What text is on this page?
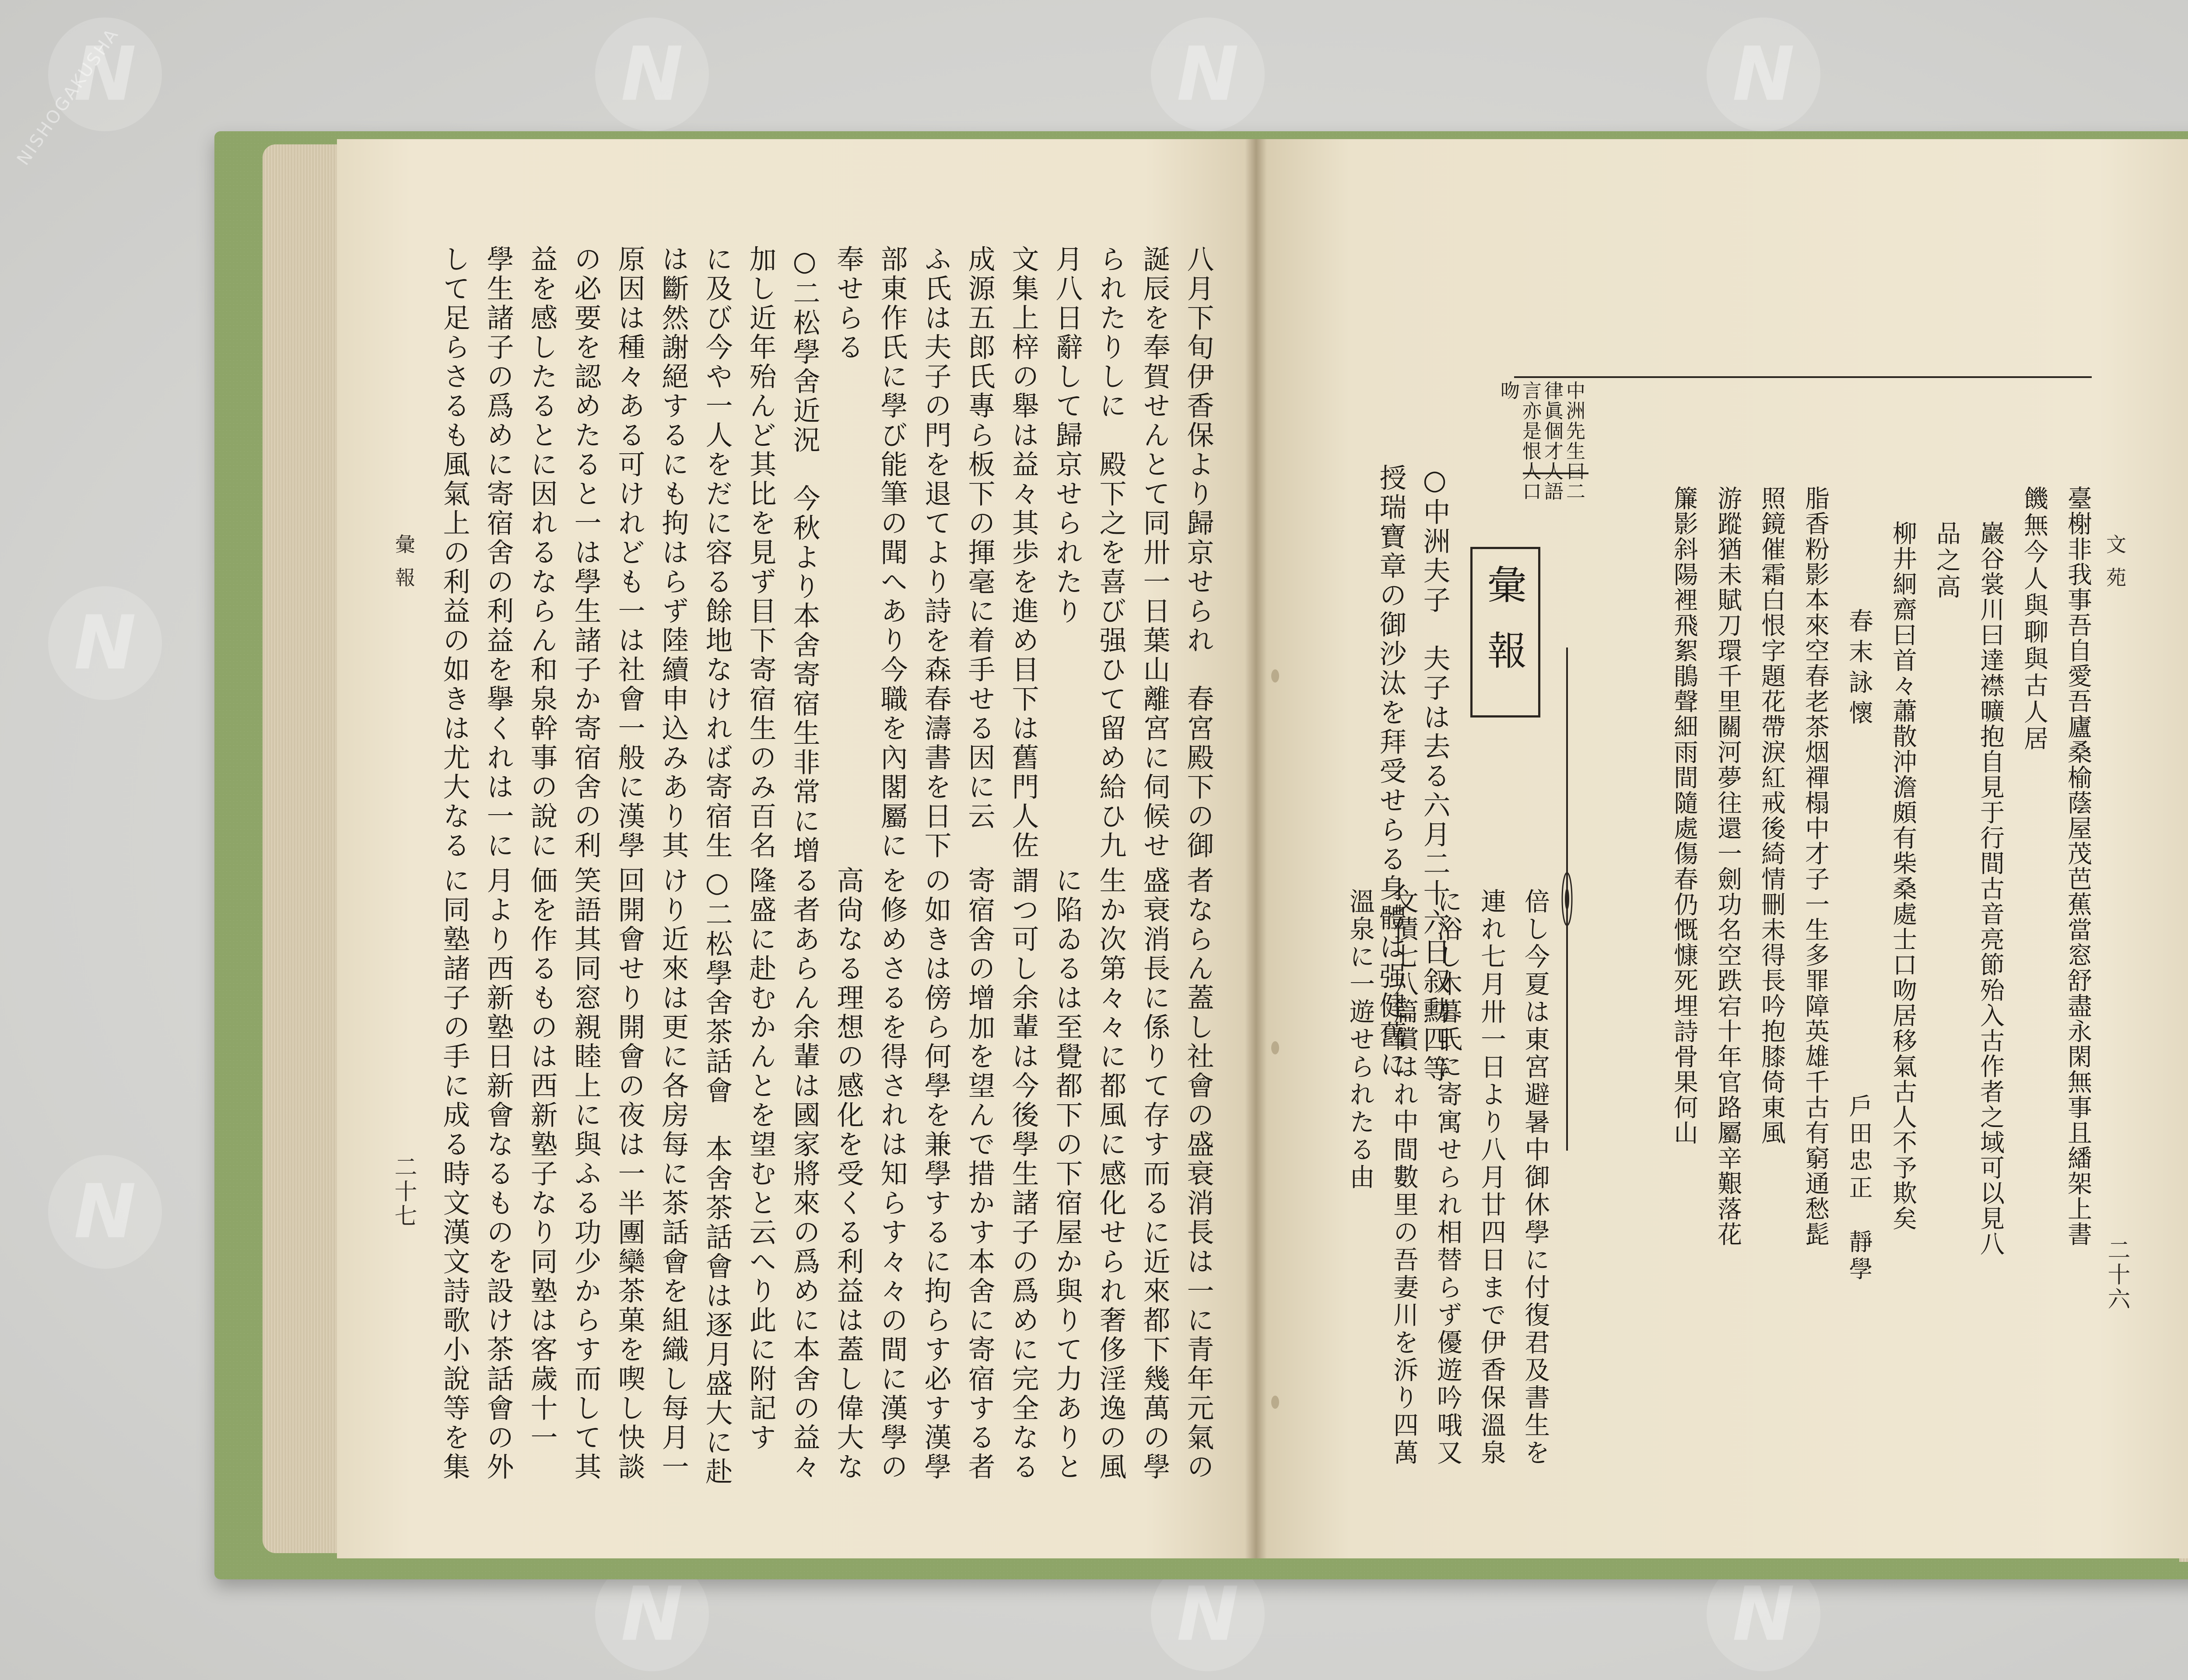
N
N
N
N
N
N
N
N
N
NISHOGAKUSHA
彙報
二十七
八月下旬伊香保より歸京せられ　春宮殿下の御
誕辰を奉賀せんとて同卅一日葉山離宮に伺候せ
られたりしに　殿下之を喜び强ひて留め給ひ九
月八日辭して歸京せられたり
文集上梓の舉は益々其歩を進め目下は舊門人佐
成源五郎氏專ら板下の揮毫に着手せる因に云
ふ氏は夫子の門を退てより詩を森春濤書を日下
部東作氏に學び能筆の聞へあり今職を內閣屬に
奉せらる
○二松學舍近況　今秋より本舍寄宿生非常に增
加し近年殆んど其比を見ず目下寄宿生のみ百名
に及び今や一人をだに容る餘地なければ寄宿生
は斷然謝絕するにも拘はらず陸續申込みあり其
原因は種々ある可けれども一は社會一般に漢學
の必要を認めたると一は學生諸子か寄宿舍の利
益を感したるとに因れるならん和泉幹事の說に
學生諸子の爲めに寄宿舍の利益を擧くれは一に
して足らさるも風氣上の利益の如きは尤大なる
者ならん蓋し社會の盛衰消長は一に青年元氣の
盛衰消長に係りて存す而るに近來都下幾萬の學
生か次第々々に都風に感化せられ奢侈淫逸の風
に陷ゐるは至覺都下の下宿屋か與りて力ありと
謂つ可し余輩は今後學生諸子の爲めに完全なる
寄宿舍の增加を望んで措かす本舍に寄宿する者
の如きは傍ら何學を兼學するに拘らす必す漢學
を修めさるを得されは知らす々々の間に漢學の
高尙なる理想の感化を受くる利益は蓋し偉大な
る者あらん余輩は國家將來の爲めに本舍の益々
隆盛に赴むかんとを望むと云へり此に附記す
○二松學舍茶話會　本舍茶話會は逐月盛大に赴
けり近來は更に各房每に茶話會を組織し每月一
回開會せり開會の夜は一半團欒茶菓を喫し快談
笑語其同窓親睦上に與ふる功少からす而して其
価を作るものは西新塾子なり同塾は客歲十一
月より西新塾日新會なるものを設け茶話會の外
に同塾諸子の手に成る時文漢文詩歌小說等を集
文苑
二十六
臺榭非我事吾自愛吾廬桑榆蔭屋茂芭蕉當窓舒盡永閑無事且繙架上書
饑無今人與聊與古人居
巖谷裳川曰達襟曠抱自見于行間古音亮節殆入古作者之域可以見八
品之高
柳井絅齋曰首々蕭散沖澹頗有柴桑處士口吻居移氣古人不予欺矣
春末詠懷
戶田忠正　靜學
脂香粉影本來空春老茶烟禪榻中才子一生多罪障英雄千古有窮通愁髭
照鏡催霜白恨字題花帶淚紅戒後綺情刪未得長吟抱膝倚東風
游蹤猶未賦刀環千里關河夢往還一劍功名空跌宕十年官路屬辛艱落花
簾影斜陽裡飛絮鵑聲細雨間隨處傷春仍慨慷死埋詩骨果何山
中洲先生曰二
律眞個才人語
言亦是恨人口
吻
彙報
○中洲夫子　夫子は去る六月二十六日叙勳四等
授瑞寶章の御沙汰を拜受せらる身體は强健舊に
倍し今夏は東宮避暑中御休學に付復君及書生を
連れ七月卅一日より八月廿四日まで伊香保溫泉
に浴し木暮氏に寄寓せられ相替らず優遊吟哦又
文債七八篇償はれ中間數里の吾妻川を泝り四萬
溫泉に一遊せられたる由
